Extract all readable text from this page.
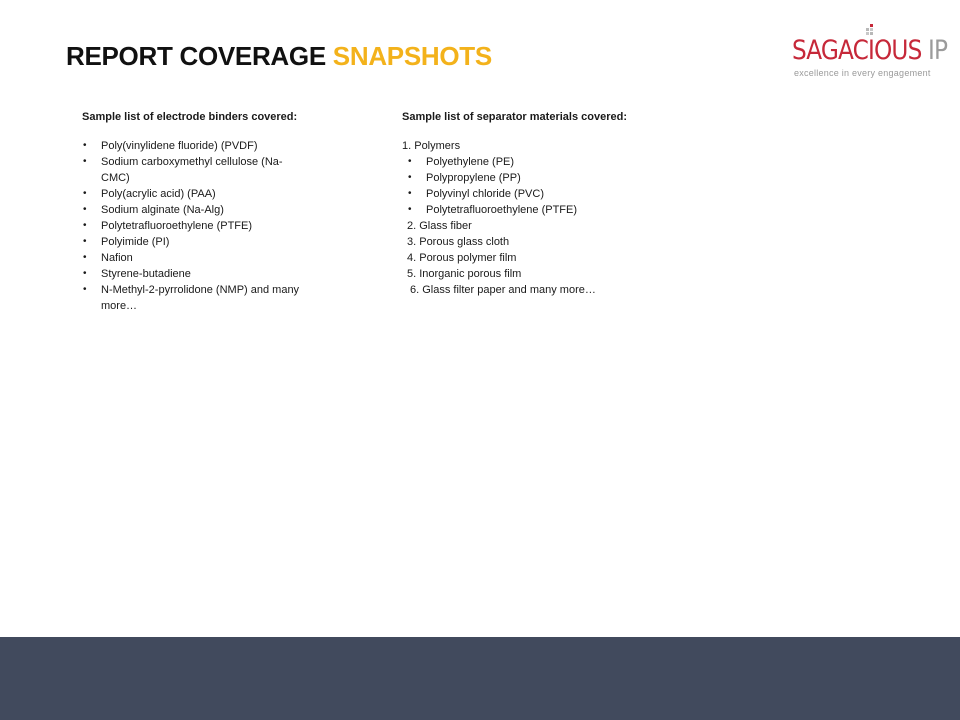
REPORT COVERAGE SNAPSHOTS	SAGACIOUS IP
excellence in every engagement
Sample list of electrode binders covered:
• Poly(vinylidene fluoride) (PVDF)
• Sodium carboxymethyl cellulose (Na-CMC)
• Poly(acrylic acid) (PAA)
• Sodium alginate (Na-Alg)
• Polytetrafluoroethylene (PTFE)
• Polyimide (PI)
• Nafion
• Styrene-butadiene
• N-Methyl-2-pyrrolidone (NMP) and many more…
Sample list of separator materials covered:
1. Polymers
• Polyethylene (PE)
• Polypropylene (PP)
• Polyvinyl chloride (PVC)
• Polytetrafluoroethylene (PTFE)
2. Glass fiber
3. Porous glass cloth
4. Porous polymer film
5. Inorganic porous film
6. Glass filter paper and many more…
